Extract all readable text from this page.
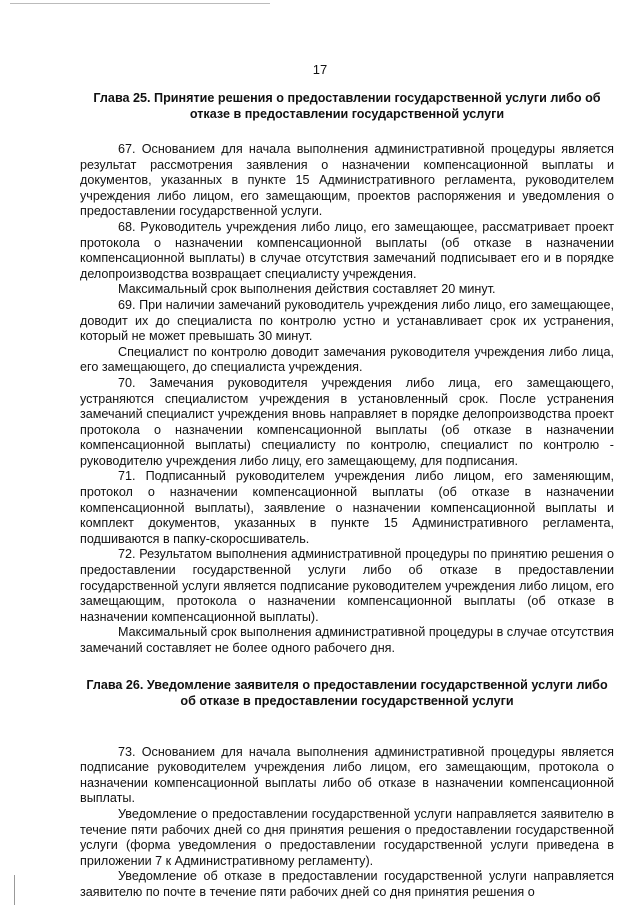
17
Глава 25. Принятие решения о предоставлении государственной услуги либо об отказе в предоставлении государственной услуги

67. Основанием для начала выполнения административной процедуры является результат рассмотрения заявления о назначении компенсационной выплаты и документов, указанных в пункте 15 Административного регламента, руководителем учреждения либо лицом, его замещающим, проектов распоряжения и уведомления о предоставлении государственной услуги.

68. Руководитель учреждения либо лицо, его замещающее, рассматривает проект протокола о назначении компенсационной выплаты (об отказе в назначении компенсационной выплаты) в случае отсутствия замечаний подписывает его и в порядке делопроизводства возвращает специалисту учреждения.

Максимальный срок выполнения действия составляет 20 минут.

69. При наличии замечаний руководитель учреждения либо лицо, его замещающее, доводит их до специалиста по контролю устно и устанавливает срок их устранения, который не может превышать 30 минут.

Специалист по контролю доводит замечания руководителя учреждения либо лица, его замещающего, до специалиста учреждения.

70. Замечания руководителя учреждения либо лица, его замещающего, устраняются специалистом учреждения в установленный срок. После устранения замечаний специалист учреждения вновь направляет в порядке делопроизводства проект протокола о назначении компенсационной выплаты (об отказе в назначении компенсационной выплаты) специалисту по контролю, специалист по контролю - руководителю учреждения либо лицу, его замещающему, для подписания.

71. Подписанный руководителем учреждения либо лицом, его заменяющим, протокол о назначении компенсационной выплаты (об отказе в назначении компенсационной выплаты), заявление о назначении компенсационной выплаты и комплект документов, указанных в пункте 15 Административного регламента, подшиваются в папку-скоросшиватель.

72. Результатом выполнения административной процедуры по принятию решения о предоставлении государственной услуги либо об отказе в предоставлении государственной услуги является подписание руководителем учреждения либо лицом, его замещающим, протокола о назначении компенсационной выплаты (об отказе в назначении компенсационной выплаты).

Максимальный срок выполнения административной процедуры в случае отсутствия замечаний составляет не более одного рабочего дня.

Глава 26. Уведомление заявителя о предоставлении государственной услуги либо об отказе в предоставлении государственной услуги

73. Основанием для начала выполнения административной процедуры является подписание руководителем учреждения либо лицом, его замещающим, протокола о назначении компенсационной выплаты либо об отказе в назначении компенсационной выплаты.

Уведомление о предоставлении государственной услуги направляется заявителю в течение пяти рабочих дней со дня принятия решения о предоставлении государственной услуги (форма уведомления о предоставлении государственной услуги приведена в приложении 7 к Административному регламенту).

Уведомление об отказе в предоставлении государственной услуги направляется заявителю по почте в течение пяти рабочих дней со дня принятия решения о
